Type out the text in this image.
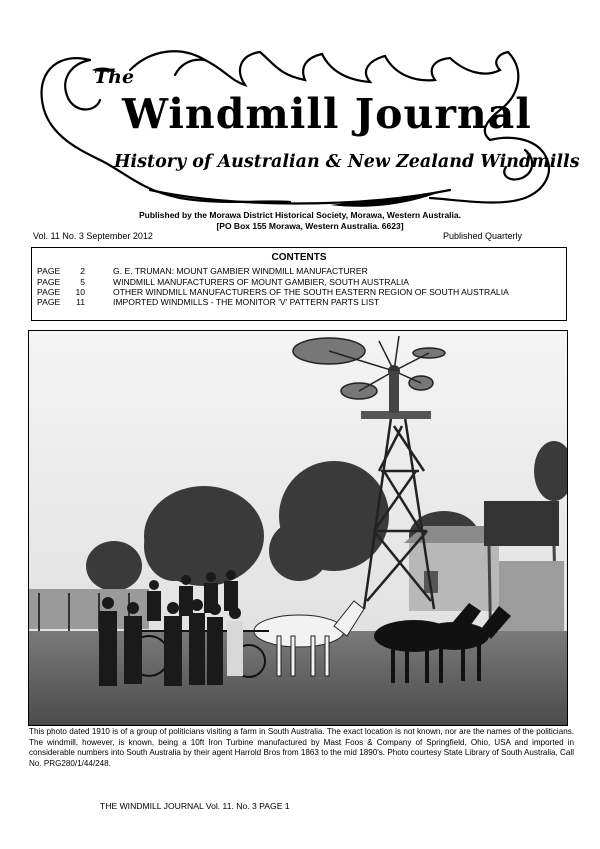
The
Windmill Journal
History of Australian & New Zealand Windmills
Published by the Morawa District Historical Society, Morawa, Western Australia.
[PO Box 155 Morawa, Western Australia. 6623]
Vol. 11 No. 3 September 2012	Published Quarterly
CONTENTS
PAGE	2	G. E. TRUMAN: MOUNT GAMBIER WINDMILL MANUFACTURER
PAGE	5	WINDMILL MANUFACTURERS OF MOUNT GAMBIER, SOUTH AUSTRALIA
PAGE 10	OTHER WINDMILL MANUFACTURERS OF THE SOUTH EASTERN REGION OF SOUTH AUSTRALIA
PAGE	11	IMPORTED WINDMILLS - THE MONITOR 'V' PATTERN PARTS LIST
This photo dated 1910 is of a group of politicians visiting a farm in South Australia. The exact location is not known, nor are the names of the politicians. The windmill, however, is known, being a 10ft Iron Turbine manufactured by Mast Foos & Company of Springfield, Ohio, USA and imported in considerable numbers into South Australia by their agent Harrold Bros from 1863 to the mid 1890's. Photo courtesy State Library of South Australia, Call No. PRG280/1/44/248.
THE WINDMILL JOURNAL Vol. 11. No. 3 PAGE 1
